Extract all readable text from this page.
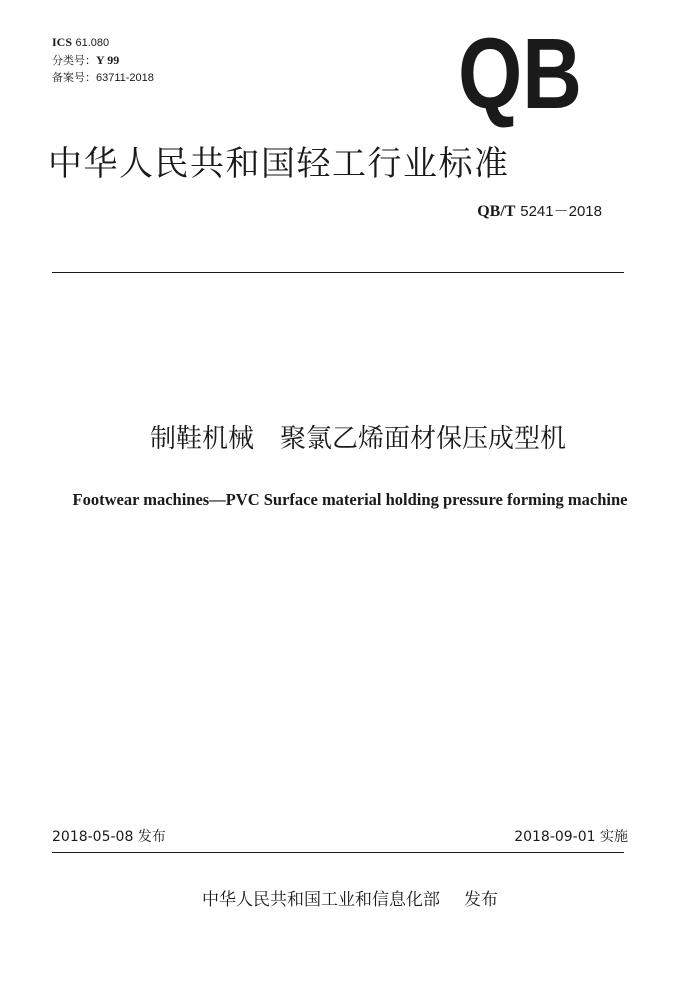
ICS 61.080
分类号：Y 99
备案号：63711-2018	QB
中华人民共和国轻工行业标准
QB/T 5241－2018
制鞋机械 聚氯乙烯面材保压成型机
Footwear machines—PVC Surface material holding pressure forming machine
2018-05-08 发布	2018-09-01 实施
中华人民共和国工业和信息化部 发布
